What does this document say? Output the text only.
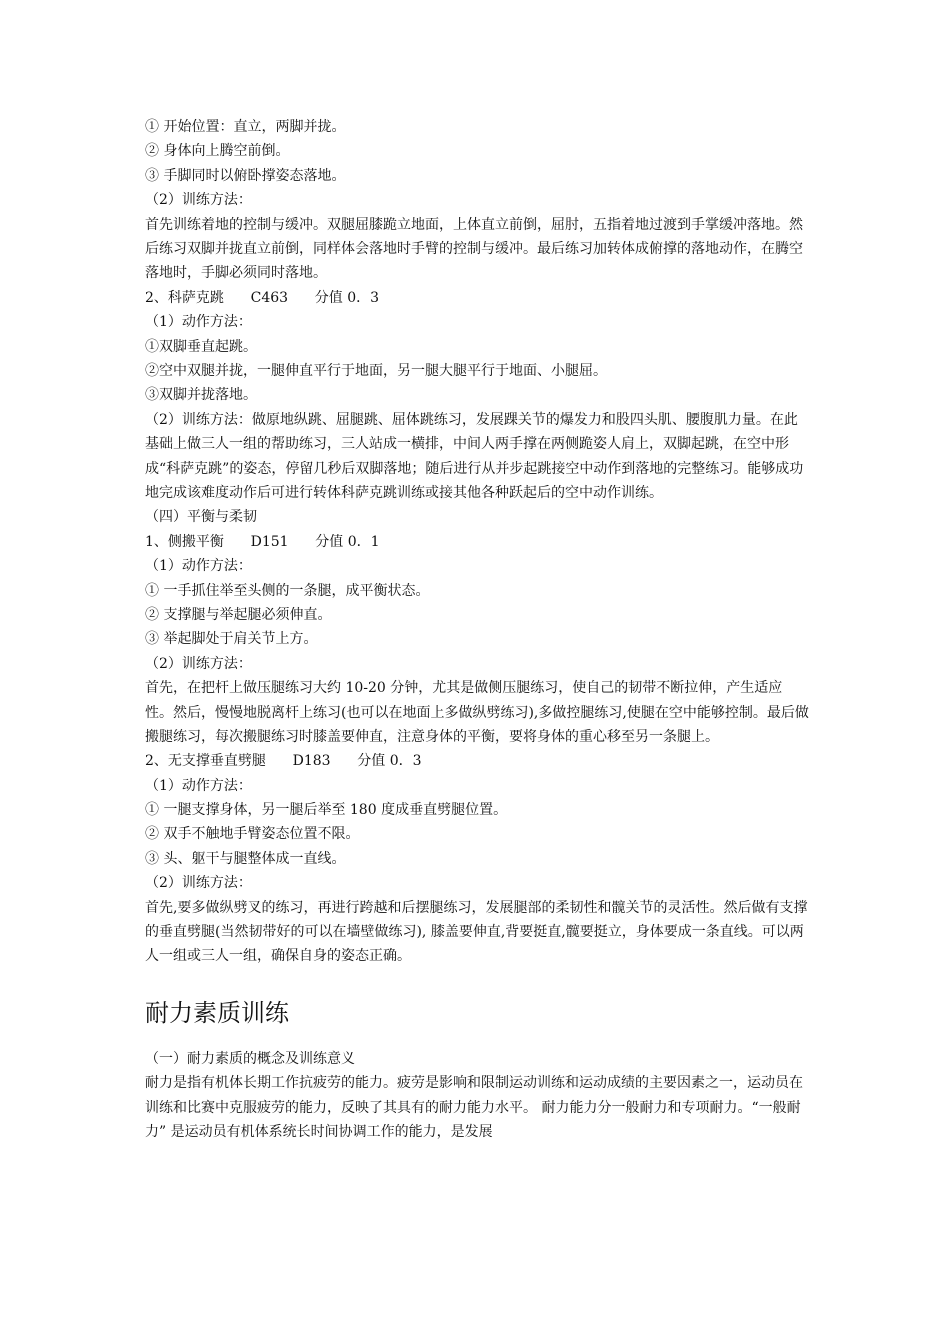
① 开始位置：直立，两脚并拢。
② 身体向上腾空前倒。
③ 手脚同时以俯卧撑姿态落地。
（2）训练方法：

首先训练着地的控制与缓冲。双腿屈膝跪立地面，上体直立前倒，屈肘，五指着地过渡到手掌缓冲落地。然后练习双脚并拢直立前倒，同样体会落地时手臂的控制与缓冲。最后练习加转体成俯撑的落地动作，在腾空落地时，手脚必须同时落地。

2、科萨克跳      C463      分值 0．3
（1）动作方法：
①双脚垂直起跳。
②空中双腿并拢，一腿伸直平行于地面，另一腿大腿平行于地面、小腿屈。
③双脚并拢落地。

（2）训练方法：做原地纵跳、屈腿跳、屈体跳练习，发展踝关节的爆发力和股四头肌、腰腹肌力量。在此基础上做三人一组的帮助练习，三人站成一横排，中间人两手撑在两侧跪姿人肩上，双脚起跳，在空中形成“科萨克跳”的姿态，停留几秒后双脚落地；随后进行从并步起跳接空中动作到落地的完整练习。能够成功地完成该难度动作后可进行转体科萨克跳训练或接其他各种跃起后的空中动作训练。

（四）平衡与柔韧
1、侧搬平衡      D151      分值 0．1
（1）动作方法：
① 一手抓住举至头侧的一条腿，成平衡状态。
② 支撑腿与举起腿必须伸直。
③ 举起脚处于肩关节上方。
（2）训练方法：

首先，在把杆上做压腿练习大约 10-20 分钟，尤其是做侧压腿练习，使自己的韧带不断拉伸，产生适应性。然后，慢慢地脱离杆上练习(也可以在地面上多做纵劈练习),多做控腿练习,使腿在空中能够控制。最后做搬腿练习，每次搬腿练习时膝盖要伸直，注意身体的平衡，要将身体的重心移至另一条腿上。

2、无支撑垂直劈腿      D183      分值 0．3
（1）动作方法：
① 一腿支撑身体，另一腿后举至 180 度成垂直劈腿位置。
② 双手不触地手臂姿态位置不限。
③ 头、躯干与腿整体成一直线。
（2）训练方法：

首先,要多做纵劈叉的练习，再进行跨越和后摆腿练习，发展腿部的柔韧性和髋关节的灵活性。然后做有支撑的垂直劈腿(当然韧带好的可以在墙壁做练习), 膝盖要伸直,背要挺直,髋要挺立，身体要成一条直线。可以两人一组或三人一组，确保自身的姿态正确。

耐力素质训练
（一）耐力素质的概念及训练意义

耐力是指有机体长期工作抗疲劳的能力。疲劳是影响和限制运动训练和运动成绩的主要因素之一，运动员在训练和比赛中克服疲劳的能力，反映了其具有的耐力能力水平。 耐力能力分一般耐力和专项耐力。“一般耐力” 是运动员有机体系统长时间协调工作的能力，是发展
